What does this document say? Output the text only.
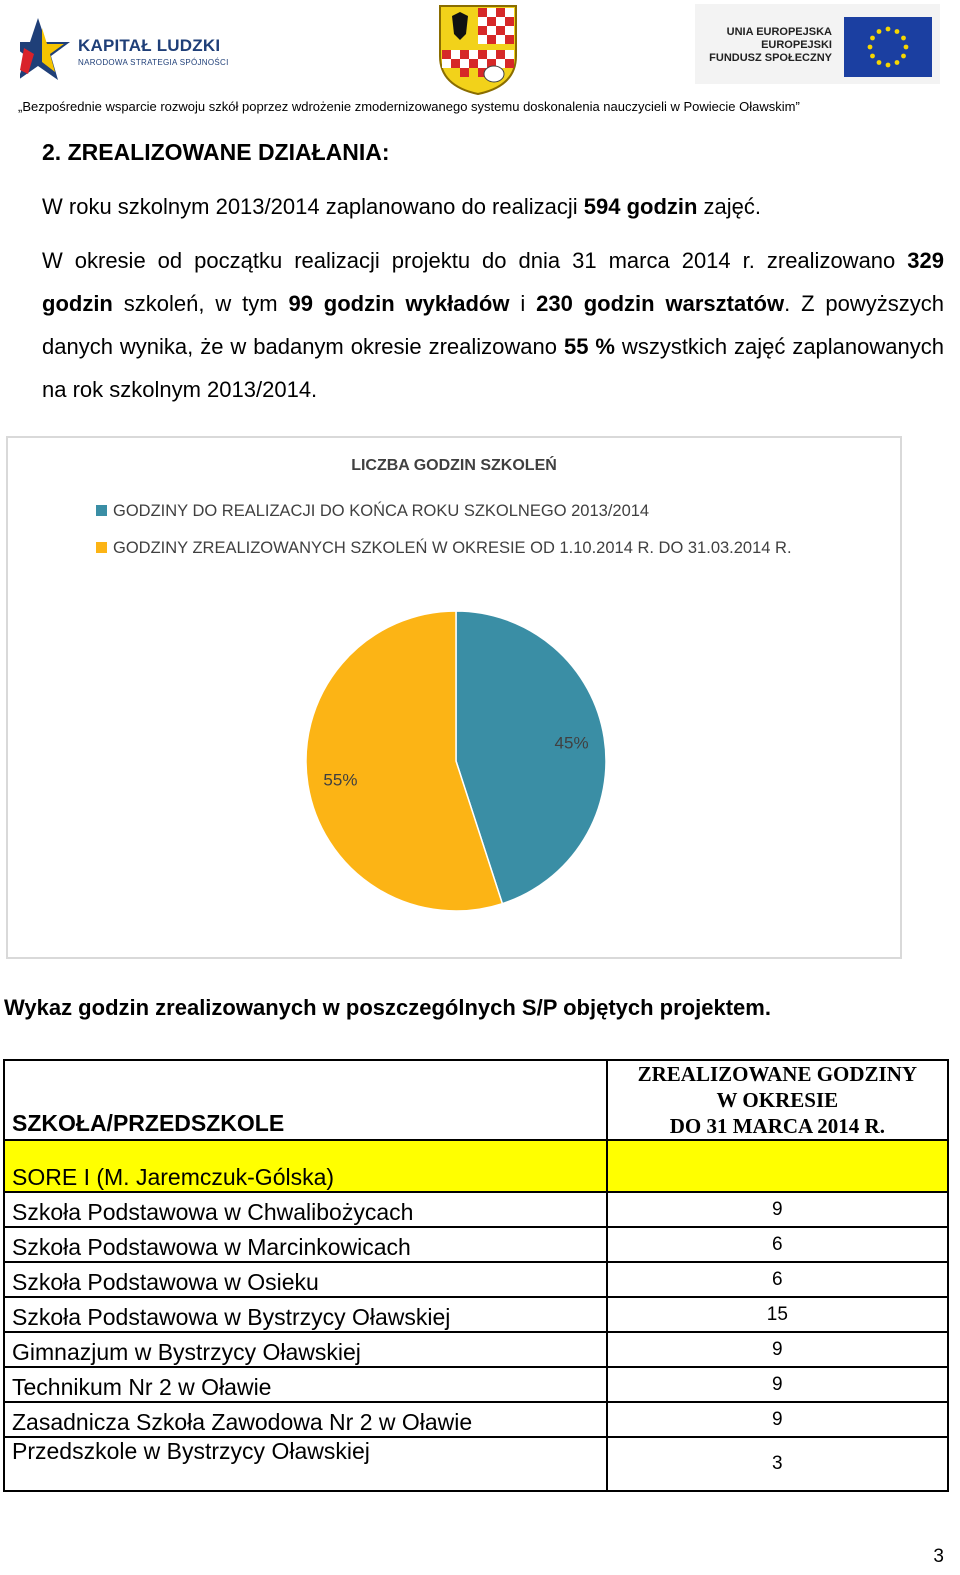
KAPITAŁ LUDZKI
NARODOWA STRATEGIA SPÓJNOŚCI
UNIA EUROPEJSKA
EUROPEJSKI
FUNDUSZ SPOŁECZNY
„Bezpośrednie wsparcie rozwoju szkół poprzez wdrożenie zmodernizowanego systemu doskonalenia nauczycieli w Powiecie Oławskim”
2. ZREALIZOWANE DZIAŁANIA:
W roku szkolnym 2013/2014 zaplanowano do realizacji 594 godzin zajęć.
W okresie od początku realizacji projektu do dnia 31 marca 2014 r. zrealizowano 329 godzin szkoleń, w tym 99 godzin wykładów i 230 godzin warsztatów. Z powyższych danych wynika, że w badanym okresie zrealizowano 55 % wszystkich zajęć zaplanowanych na rok szkolnym 2013/2014.
45%
55%
LICZBA GODZIN SZKOLEŃ
GODZINY DO REALIZACJI DO KOŃCA ROKU SZKOLNEGO 2013/2014
GODZINY ZREALIZOWANYCH SZKOLEŃ W OKRESIE OD 1.10.2014 R. DO 31.03.2014 R.
Wykaz godzin zrealizowanych w poszczególnych S/P objętych projektem.
SZKOŁA/PRZEDSZKOLE	ZREALIZOWANE GODZINY
W OKRESIE
DO 31 MARCA 2014 R.

SORE I (M. Jaremczuk-Gólska)	
Szkoła Podstawowa w Chwalibożycach	9
Szkoła Podstawowa w Marcinkowicach	6
Szkoła Podstawowa w Osieku	6
Szkoła Podstawowa w Bystrzycy Oławskiej	15
Gimnazjum w Bystrzycy Oławskiej	9
Technikum Nr 2 w Oławie	9
Zasadnicza Szkoła Zawodowa Nr 2 w Oławie	9
Przedszkole w Bystrzycy Oławskiej	3
3
